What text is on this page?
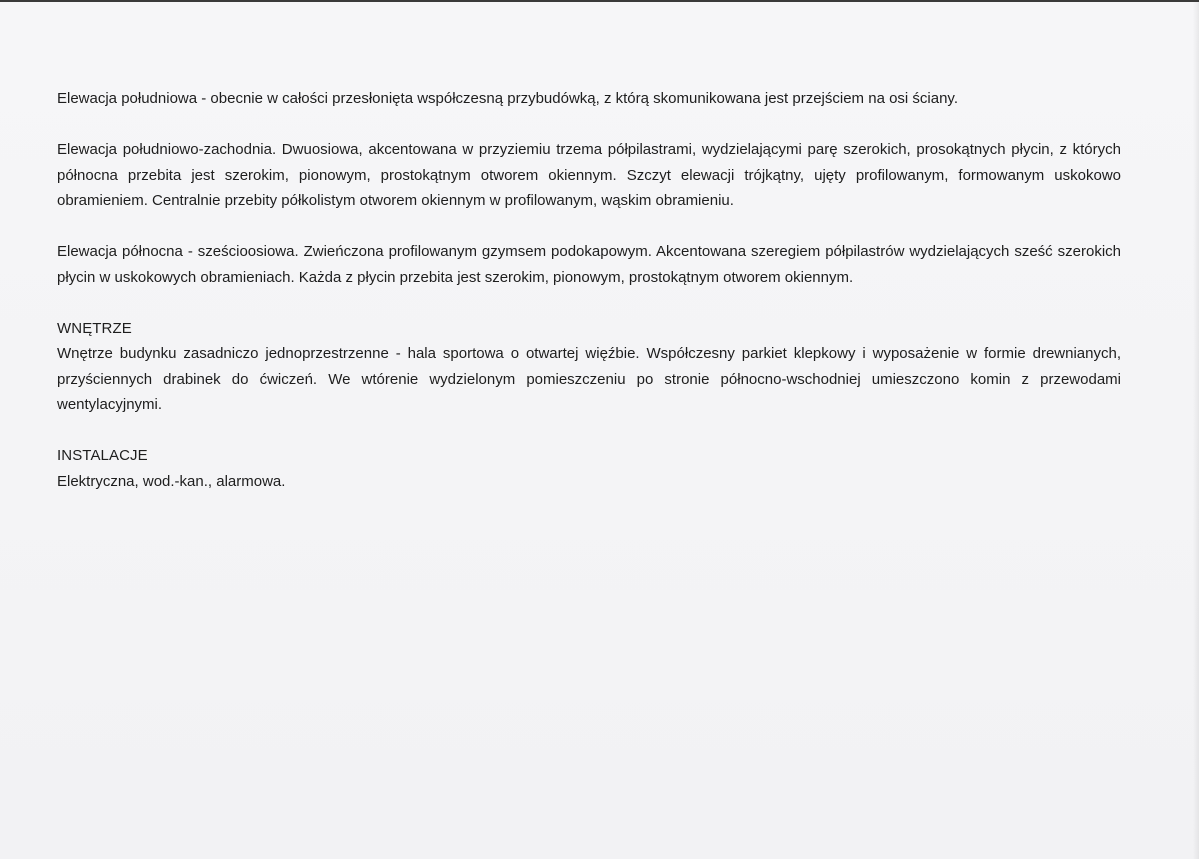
Elewacja południowa - obecnie w całości przesłonięta współczesną przybudówką, z którą skomunikowana jest przejściem na osi ściany.

Elewacja południowo-zachodnia. Dwuosiowa, akcentowana w przyziemiu trzema półpilastrami, wydzielającymi parę szerokich, prosokątnych płycin, z których północna przebita jest szerokim, pionowym, prostokątnym otworem okiennym. Szczyt elewacji trójkątny, ujęty profilowanym, formowanym uskokowo obramieniem. Centralnie przebity półkolistym otworem okiennym w profilowanym, wąskim obramieniu.

Elewacja północna - sześcioosiowa. Zwieńczona profilowanym gzymsem podokapowym. Akcentowana szeregiem półpilastrów wydzielających sześć szerokich płycin w uskokowych obramieniach. Każda z płycin przebita jest szerokim, pionowym, prostokątnym otworem okiennym.

WNĘTRZE

Wnętrze budynku zasadniczo jednoprzestrzenne - hala sportowa o otwartej więźbie. Współczesny parkiet klepkowy i wyposażenie w formie drewnianych, przyściennych drabinek do ćwiczeń. We wtórenie wydzielonym pomieszczeniu po stronie północno-wschodniej umieszczono komin z przewodami wentylacyjnymi.

INSTALACJE

Elektryczna, wod.-kan., alarmowa.
